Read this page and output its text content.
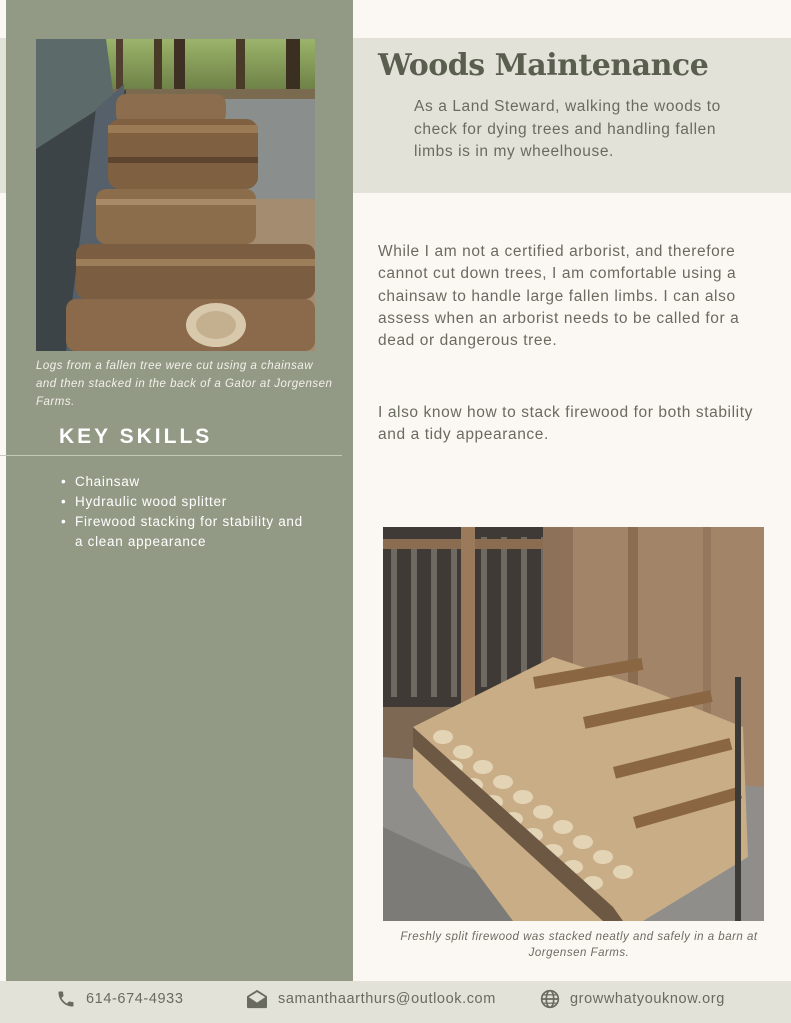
Logs from a fallen tree were cut using a chainsaw and then stacked in the back of a Gator at Jorgensen Farms.
KEY SKILLS
• Chainsaw
• Hydraulic wood splitter
• Firewood stacking for stability and a clean appearance
Woods Maintenance
As a Land Steward, walking the woods to check for dying trees and handling fallen limbs is in my wheelhouse.

While I am not a certified arborist, and therefore cannot cut down trees, I am comfortable using a chainsaw to handle large fallen limbs. I can also assess when an arborist needs to be called for a dead or dangerous tree.

I also know how to stack firewood for both stability and a tidy appearance.

Freshly split firewood was stacked neatly and safely in a barn at Jorgensen Farms.
614-674-4933	samanthaarthurs@outlook.com	growwhatyouknow.org
